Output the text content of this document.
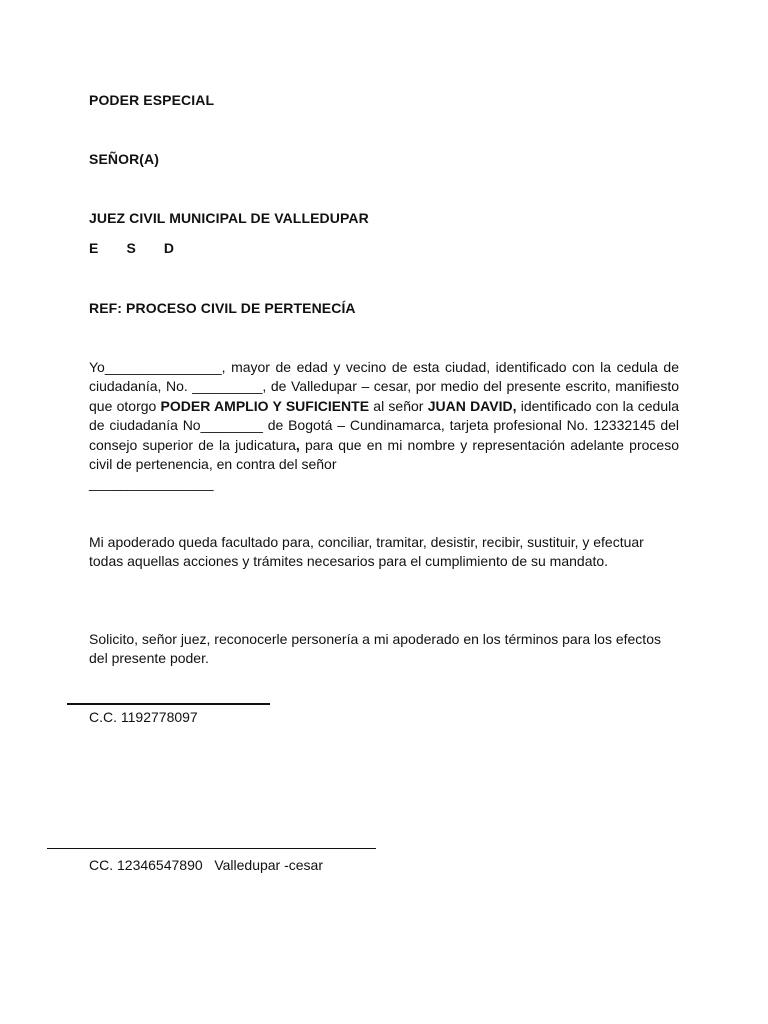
PODER ESPECIAL
SEÑOR(A)
JUEZ CIVIL MUNICIPAL DE VALLEDUPAR
E S D
REF: PROCESO CIVIL DE PERTENECÍA

Yo_______________, mayor de edad y vecino de esta ciudad, identificado con la cedula de ciudadanía, No. _________, de Valledupar – cesar, por medio del presente escrito, manifiesto que otorgo PODER AMPLIO Y SUFICIENTE al señor JUAN DAVID, identificado con la cedula de ciudadanía No________ de Bogotá – Cundinamarca, tarjeta profesional No. 12332145 del consejo superior de la judicatura, para que en mi nombre y representación adelante proceso civil de pertenencia, en contra del señor
________________

Mi apoderado queda facultado para, conciliar, tramitar, desistir, recibir, sustituir, y efectuar todas aquellas acciones y trámites necesarios para el cumplimiento de su mandato.

Solicito, señor juez, reconocerle personería a mi apoderado en los términos para los efectos del presente poder.

C.C. 1192778097
CC. 12346547890   Valledupar -cesar
